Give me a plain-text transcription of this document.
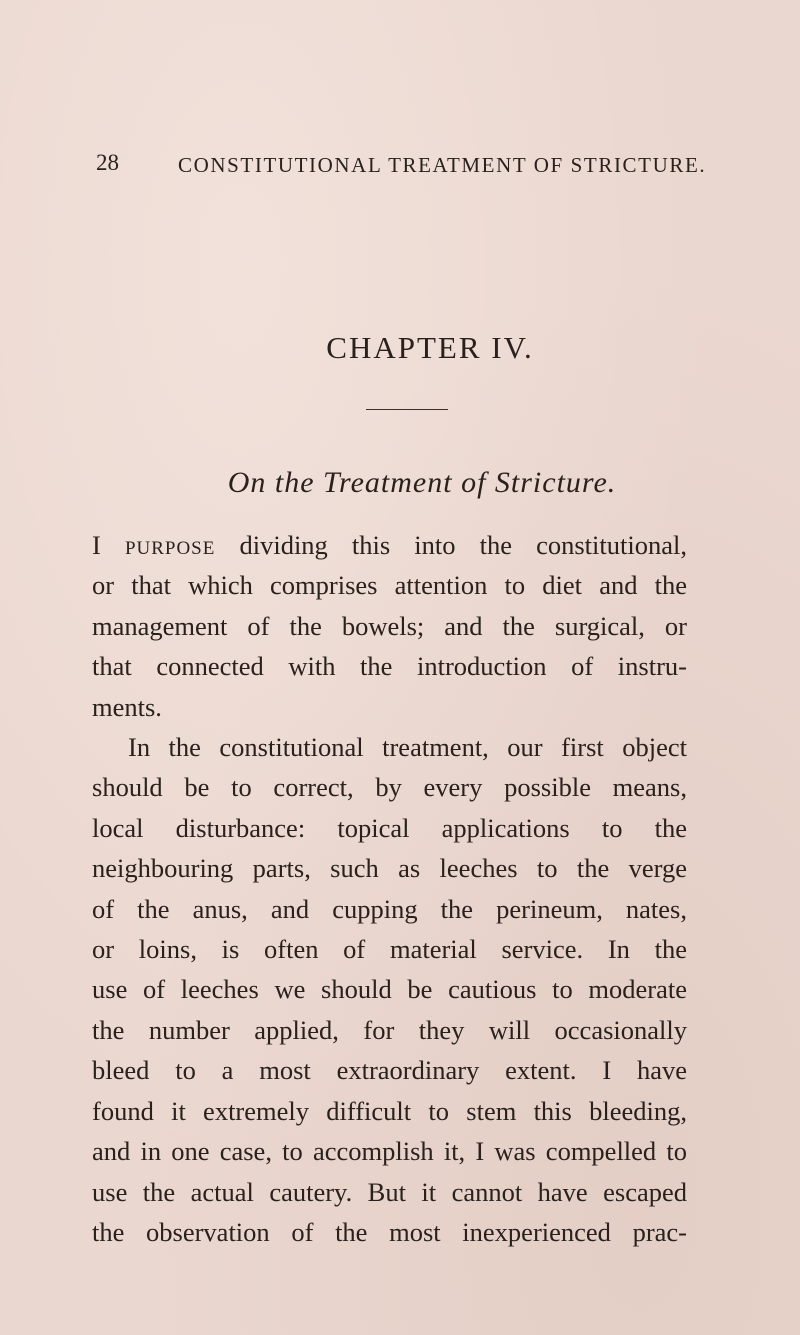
28	CONSTITUTIONAL TREATMENT OF STRICTURE.
CHAPTER IV.
On the Treatment of Stricture.
I purpose dividing this into the constitutional,
or that which comprises attention to diet and the
management of the bowels; and the surgical, or
that connected with the introduction of instru-
ments.
In the constitutional treatment, our first object
should be to correct, by every possible means,
local disturbance: topical applications to the
neighbouring parts, such as leeches to the verge
of the anus, and cupping the perineum, nates,
or loins, is often of material service. In the
use of leeches we should be cautious to moderate
the number applied, for they will occasionally
bleed to a most extraordinary extent. I have
found it extremely difficult to stem this bleeding,
and in one case, to accomplish it, I was compelled to
use the actual cautery. But it cannot have escaped
the observation of the most inexperienced prac-
